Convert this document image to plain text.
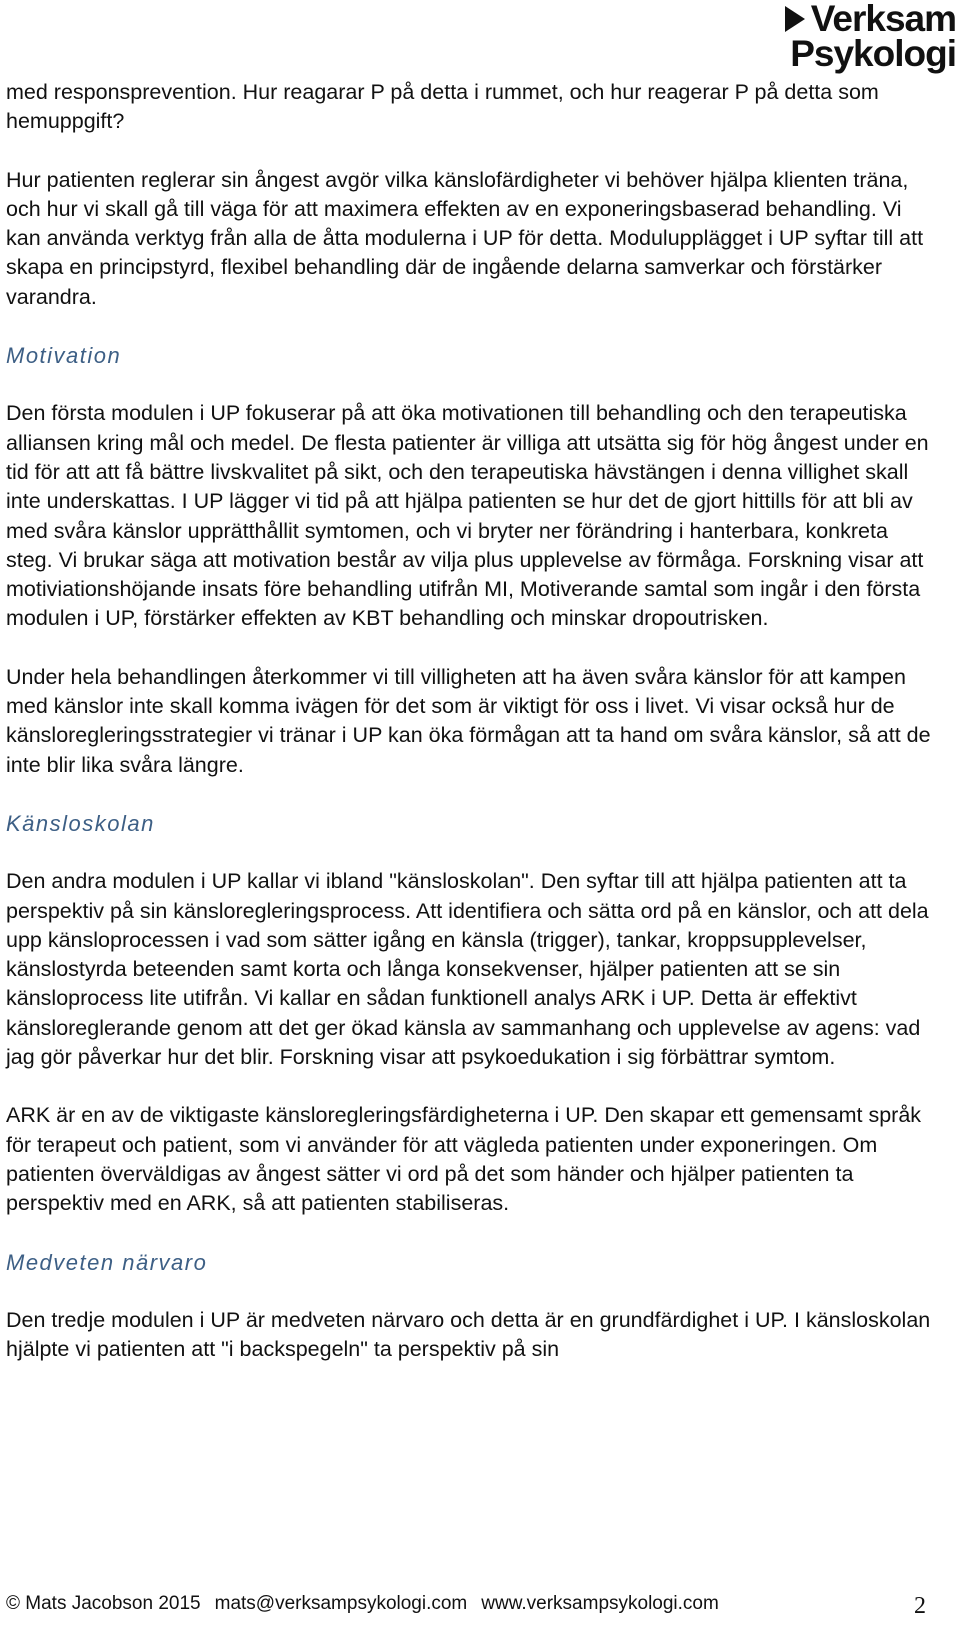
Verksam
Psykologi

med responsprevention. Hur reagarar P på detta i rummet, och hur reagerar P på detta som hemuppgift?

Hur patienten reglerar sin ångest avgör vilka känslofärdigheter vi behöver hjälpa klienten träna, och hur vi skall gå till väga för att maximera effekten av en exponeringsbaserad behandling. Vi kan använda verktyg från alla de åtta modulerna i UP för detta. Modulupplägget i UP syftar till att skapa en principstyrd, flexibel behandling där de ingående delarna samverkar och förstärker varandra.

Motivation

Den första modulen i UP fokuserar på att öka motivationen till behandling och den terapeutiska alliansen kring mål och medel. De flesta patienter är villiga att utsätta sig för hög ångest under en tid för att att få bättre livskvalitet på sikt, och den terapeutiska hävstängen i denna villighet skall inte underskattas. I UP lägger vi tid på att hjälpa patienten se hur det de gjort hittills för att bli av med svåra känslor upprätthållit symtomen, och vi bryter ner förändring i hanterbara, konkreta steg. Vi brukar säga att motivation består av vilja plus upplevelse av förmåga. Forskning visar att motiviationshöjande insats före behandling utifrån MI, Motiverande samtal som ingår i den första modulen i UP, förstärker effekten av KBT behandling och minskar dropoutrisken.

Under hela behandlingen återkommer vi till villigheten att ha även svåra känslor för att kampen med känslor inte skall komma ivägen för det som är viktigt för oss i livet. Vi visar också hur de känsloregleringsstrategier vi tränar i UP kan öka förmågan att ta hand om svåra känslor, så att de inte blir lika svåra längre.

Känsloskolan

Den andra modulen i UP kallar vi ibland "känsloskolan". Den syftar till att hjälpa patienten att ta perspektiv på sin känsloregleringsprocess. Att identifiera och sätta ord på en känslor, och att dela upp känsloprocessen i vad som sätter igång en känsla (trigger), tankar, kroppsupplevelser, känslostyrda beteenden samt korta och långa konsekvenser, hjälper patienten att se sin känsloprocess lite utifrån. Vi kallar en sådan funktionell analys ARK i UP. Detta är effektivt känsloreglerande genom att det ger ökad känsla av sammanhang och upplevelse av agens: vad jag gör påverkar hur det blir. Forskning visar att psykoedukation i sig förbättrar symtom.

ARK är en av de viktigaste känsloregleringsfärdigheterna i UP. Den skapar ett gemensamt språk för terapeut och patient, som vi använder för att vägleda patienten under exponeringen. Om patienten överväldigas av ångest sätter vi ord på det som händer och hjälper patienten ta perspektiv med en ARK, så att patienten stabiliseras.

Medveten närvaro

Den tredje modulen i UP är medveten närvaro och detta är en grundfärdighet i UP. I känsloskolan hjälpte vi patienten att "i backspegeln" ta perspektiv på sin

© Mats Jacobson 2015 mats@verksampsykologi.com www.verksampsykologi.com	2
